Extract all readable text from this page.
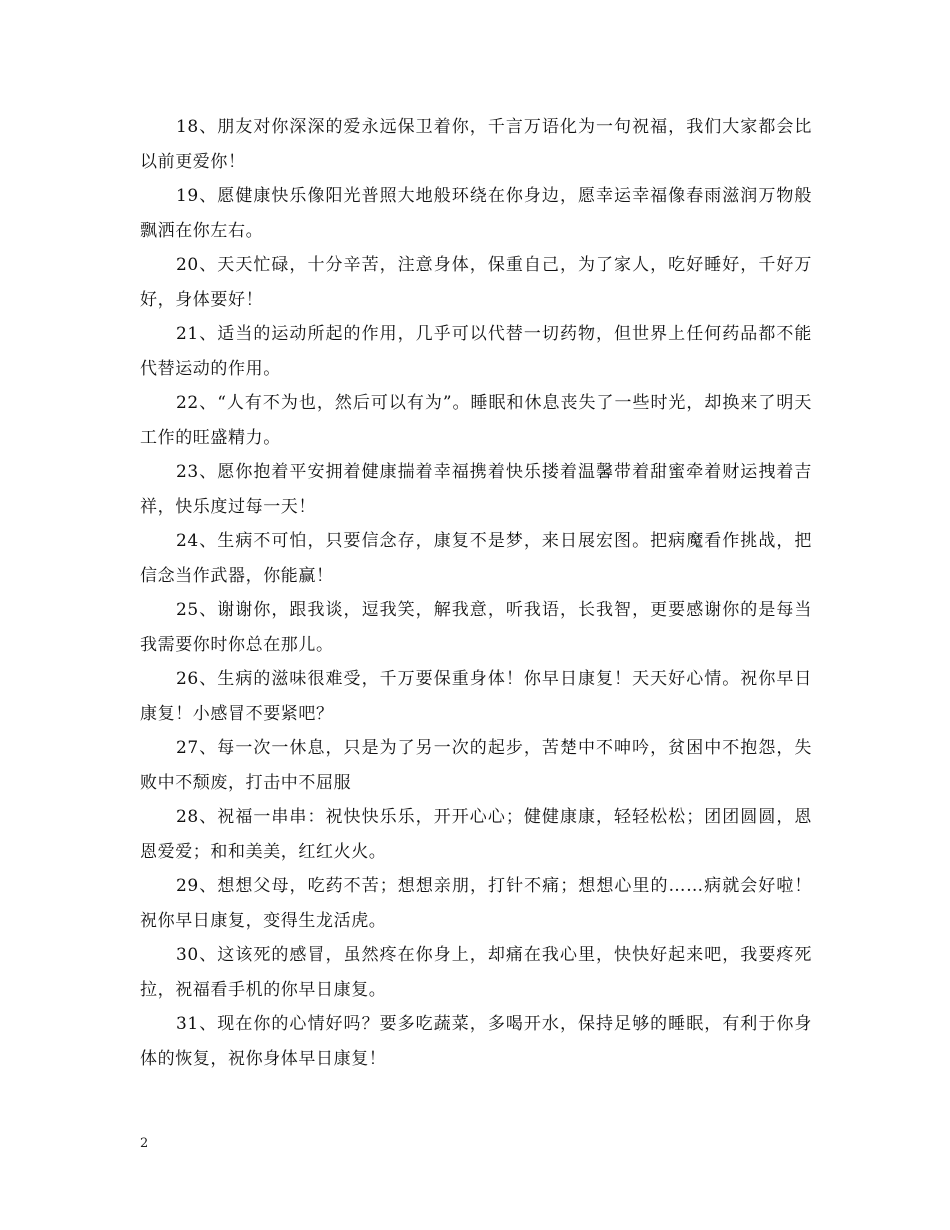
18、朋友对你深深的爱永远保卫着你，千言万语化为一句祝福，我们大家都会比以前更爱你！

19、愿健康快乐像阳光普照大地般环绕在你身边，愿幸运幸福像春雨滋润万物般飘洒在你左右。

20、天天忙碌，十分辛苦，注意身体，保重自己，为了家人，吃好睡好，千好万好，身体要好！

21、适当的运动所起的作用，几乎可以代替一切药物，但世界上任何药品都不能代替运动的作用。

22、“人有不为也，然后可以有为”。睡眠和休息丧失了一些时光，却换来了明天工作的旺盛精力。

23、愿你抱着平安拥着健康揣着幸福携着快乐搂着温馨带着甜蜜牵着财运拽着吉祥，快乐度过每一天！

24、生病不可怕，只要信念存，康复不是梦，来日展宏图。把病魔看作挑战，把信念当作武器，你能赢！

25、谢谢你，跟我谈，逗我笑，解我意，听我语，长我智，更要感谢你的是每当我需要你时你总在那儿。

26、生病的滋味很难受，千万要保重身体！你早日康复！天天好心情。祝你早日康复！小感冒不要紧吧？

27、每一次一休息，只是为了另一次的起步，苦楚中不呻吟，贫困中不抱怨，失败中不颓废，打击中不屈服

28、祝福一串串：祝快快乐乐，开开心心；健健康康，轻轻松松；团团圆圆，恩恩爱爱；和和美美，红红火火。

29、想想父母，吃药不苦；想想亲朋，打针不痛；想想心里的……病就会好啦！祝你早日康复，变得生龙活虎。

30、这该死的感冒，虽然疼在你身上，却痛在我心里，快快好起来吧，我要疼死拉，祝福看手机的你早日康复。

31、现在你的心情好吗？要多吃蔬菜，多喝开水，保持足够的睡眠，有利于你身体的恢复，祝你身体早日康复！

2
